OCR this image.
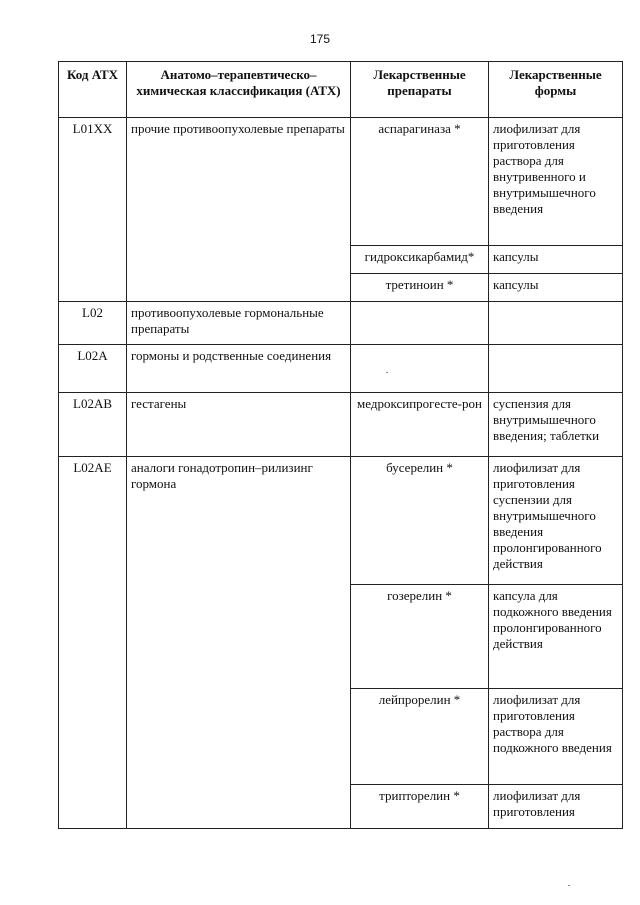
175
Код АТХ	Анатомо–терапевтическо–химическая классификация (АТХ)	Лекарственные препараты	Лекарственные формы
L01XX	прочие противоопухолевые препараты	аспарагиназа *	лиофилизат для приготовления раствора для внутривенного и внутримышечного введения
		гидроксикарбамид*	капсулы
		третиноин *	капсулы
L02	противоопухолевые гормональные препараты		
L02A	гормоны и родственные соединения		
L02AB	гестагены	медроксипрогесте-рон	суспензия для внутримышечного введения; таблетки
L02AE	аналоги гонадотропин–рилизинг гормона	бусерелин *	лиофилизат для приготовления суспензии для внутримышечного введения пролонгированного действия
		гозерелин *	капсула для подкожного введения пролонгированного действия
		лейпрорелин *	лиофилизат для приготовления раствора для подкожного введения
		трипторелин *	лиофилизат для приготовления
